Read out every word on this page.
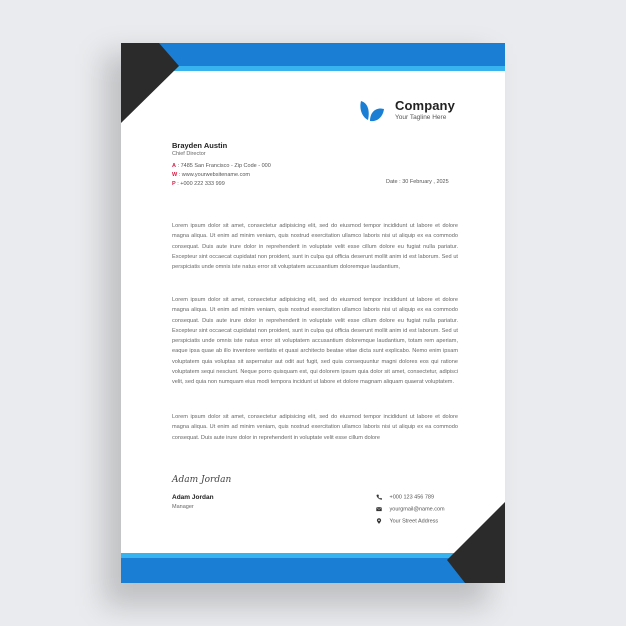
Company
Your Tagline Here
Brayden Austin
Chief Director
A : 7485 San Francisco - Zip Code - 000
W : www.yourwebsitename.com
P : +000 222 333 999	Date : 30 February , 2025
Lorem ipsum dolor sit amet, consectetur adipisicing elit, sed do eiusmod tempor incididunt ut labore et dolore magna aliqua. Ut enim ad minim veniam, quis nostrud exercitation ullamco laboris nisi ut aliquip ex ea commodo consequat. Duis aute irure dolor in reprehenderit in voluptate velit esse cillum dolore eu fugiat nulla pariatur. Excepteur sint occaecat cupidatat non proident, sunt in culpa qui officia deserunt mollit anim id est laborum. Sed ut perspiciatis unde omnis iste natus error sit voluptatem accusantium doloremque laudantium,
Lorem ipsum dolor sit amet, consectetur adipisicing elit, sed do eiusmod tempor incididunt ut labore et dolore magna aliqua. Ut enim ad minim veniam, quis nostrud exercitation ullamco laboris nisi ut aliquip ex ea commodo consequat. Duis aute irure dolor in reprehenderit in voluptate velit esse cillum dolore eu fugiat nulla pariatur. Excepteur sint occaecat cupidatat non proident, sunt in culpa qui officia deserunt mollit anim id est laborum. Sed ut perspiciatis unde omnis iste natus error sit voluptatem accusantium doloremque laudantium, totam rem aperiam, eaque ipsa quae ab illo inventore veritatis et quasi architecto beatae vitae dicta sunt explicabo. Nemo enim ipsam voluptatem quia voluptas sit aspernatur aut odit aut fugit, sed quia consequuntur magni dolores eos qui ratione voluptatem sequi nesciunt. Neque porro quisquam est, qui dolorem ipsum quia dolor sit amet, consectetur, adipisci velit, sed quia non numquam eius modi tempora incidunt ut labore et dolore magnam aliquam quaerat voluptatem.
Lorem ipsum dolor sit amet, consectetur adipisicing elit, sed do eiusmod tempor incididunt ut labore et dolore magna aliqua. Ut enim ad minim veniam, quis nostrud exercitation ullamco laboris nisi ut aliquip ex ea commodo consequat. Duis aute irure dolor in reprehenderit in voluptate velit esse cillum dolore
Adam Jordan
Adam Jordan
Manager
+000 123 456 789
yourgmail@name.com
Your Street Address
